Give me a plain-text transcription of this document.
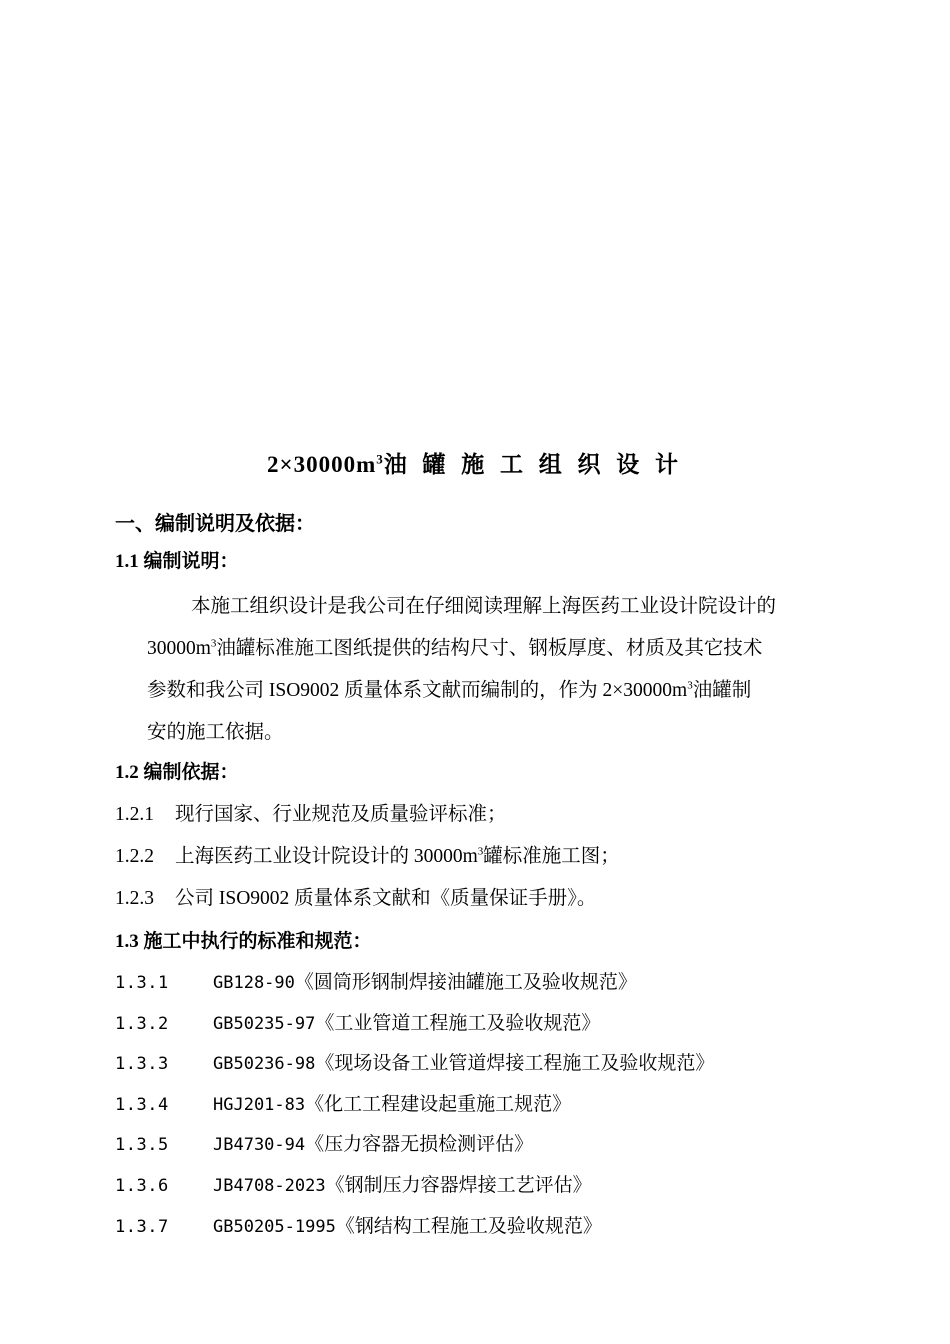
$2\times 30000m^3$油 罐 施 工 组 织 设 计
一、编制说明及依据：
1.1 编制说明：

本施工组织设计是我公司在仔细阅读理解上海医药工业设计院设计的
$30000m^3$油罐标准施工图纸提供的结构尺寸、钢板厚度、材质及其它技术
参数和我公司 ISO9002 质量体系文献而编制的，作为 $2\times 30000m^3$油罐制
安的施工依据。

1.2 编制依据：
1.2.1 现行国家、行业规范及质量验评标准；
1.2.2 上海医药工业设计院设计的 $30000m^3$罐标准施工图；
1.2.3 公司 ISO9002 质量体系文献和《质量保证手册》。
1.3 施工中执行的标准和规范：
1.3.1	GB128-90《圆筒形钢制焊接油罐施工及验收规范》
1.3.2	GB50235-97《工业管道工程施工及验收规范》
1.3.3	GB50236-98《现场设备工业管道焊接工程施工及验收规范》
1.3.4	HGJ201-83《化工工程建设起重施工规范》
1.3.5	JB4730-94《压力容器无损检测评估》
1.3.6	JB4708-2023《钢制压力容器焊接工艺评估》
1.3.7	GB50205-1995《钢结构工程施工及验收规范》
